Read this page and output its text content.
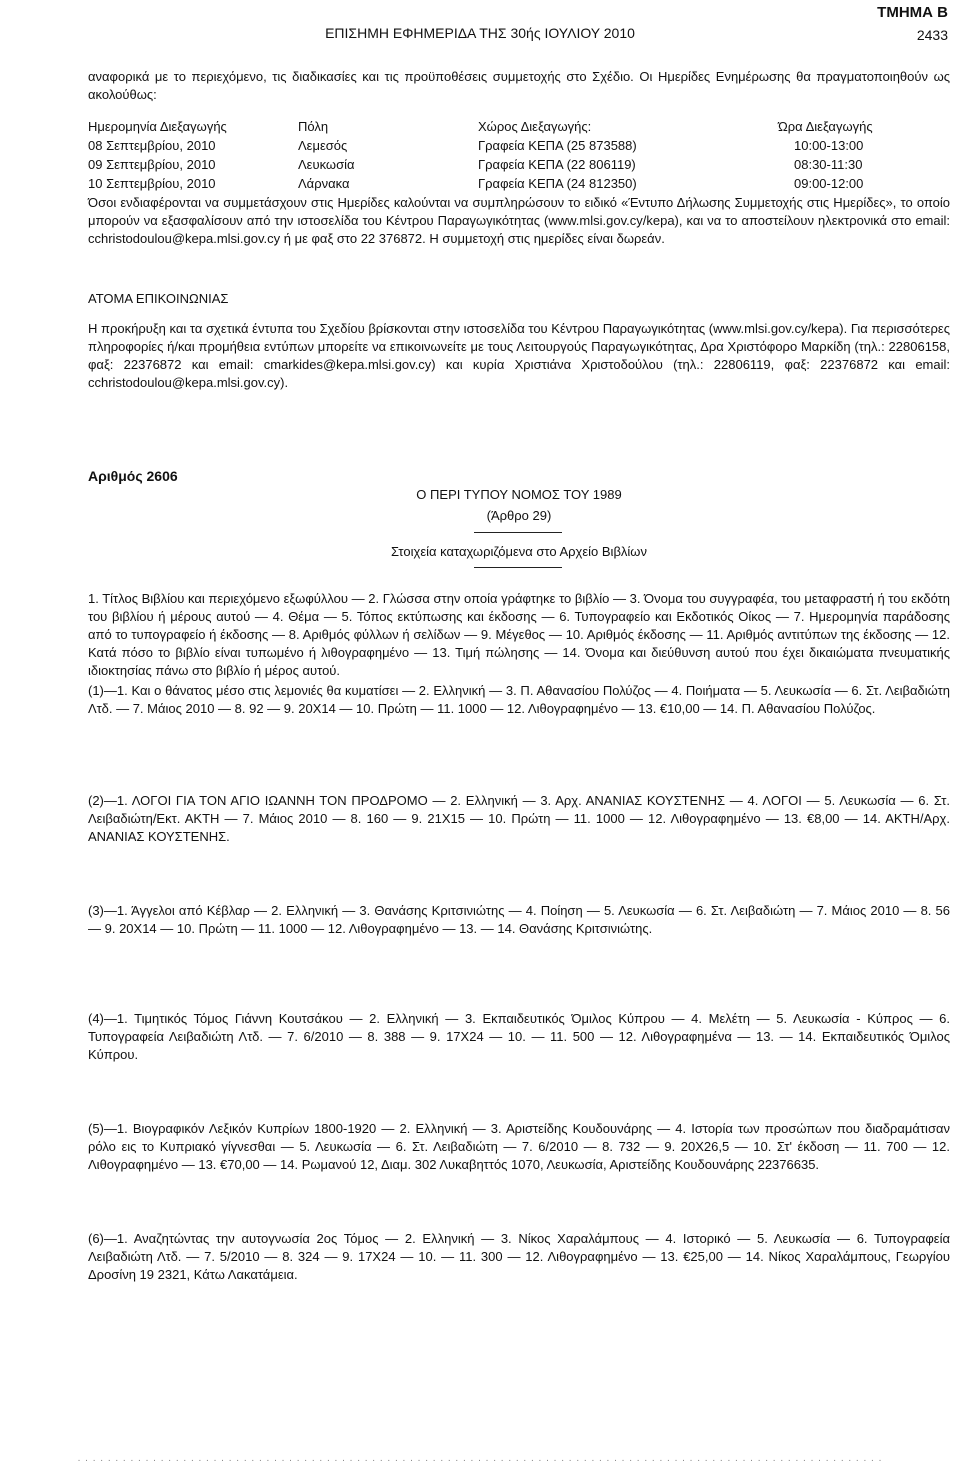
ΤΜΗΜΑ Β
ΕΠΙΣΗΜΗ ΕΦΗΜΕΡΙΔΑ ΤΗΣ 30ής ΙΟΥΛΙΟΥ 2010	2433
αναφορικά με το περιεχόμενο, τις διαδικασίες και τις προϋποθέσεις συμμετοχής στο Σχέδιο. Οι Ημερίδες Ενημέρωσης θα πραγματοποιηθούν ως ακολούθως:
Ημερομηνία Διεξαγωγής	Πόλη	Χώρος Διεξαγωγής:	Ώρα Διεξαγωγής
08 Σεπτεμβρίου, 2010	Λεμεσός	Γραφεία ΚΕΠΑ (25 873588)	10:00-13:00
09 Σεπτεμβρίου, 2010	Λευκωσία	Γραφεία ΚΕΠΑ (22 806119)	08:30-11:30
10 Σεπτεμβρίου, 2010	Λάρνακα	Γραφεία ΚΕΠΑ (24 812350)	09:00-12:00
Όσοι ενδιαφέρονται να συμμετάσχουν στις Ημερίδες καλούνται να συμπληρώσουν το ειδικό «Έντυπο Δήλωσης Συμμετοχής στις Ημερίδες», το οποίο μπορούν να εξασφαλίσουν από την ιστοσελίδα του Κέντρου Παραγωγικότητας (www.mlsi.gov.cy/kepa), και να το αποστείλουν ηλεκτρονικά στο email: cchristodoulou@kepa.mlsi.gov.cy ή με φαξ στο 22 376872. Η συμμετοχή στις ημερίδες είναι δωρεάν.
ΑΤΟΜΑ ΕΠΙΚΟΙΝΩΝΙΑΣ
Η προκήρυξη και τα σχετικά έντυπα του Σχεδίου βρίσκονται στην ιστοσελίδα του Κέντρου Παραγωγικότητας (www.mlsi.gov.cy/kepa). Για περισσότερες πληροφορίες ή/και προμήθεια εντύπων μπορείτε να επικοινωνείτε με τους Λειτουργούς Παραγωγικότητας, Δρα Χριστόφορο Μαρκίδη (τηλ.: 22806158, φαξ: 22376872 και email: cmarkides@kepa.mlsi.gov.cy) και κυρία Χριστιάνα Χριστοδούλου (τηλ.: 22806119, φαξ: 22376872 και email: cchristodoulou@kepa.mlsi.gov.cy).
Αριθμός 2606
Ο ΠΕΡΙ ΤΥΠΟΥ ΝΟΜΟΣ ΤΟΥ 1989
(Άρθρο 29)
Στοιχεία καταχωριζόμενα στο Αρχείο Βιβλίων
1. Τίτλος Βιβλίου και περιεχόμενο εξωφύλλου — 2. Γλώσσα στην οποία γράφτηκε το βιβλίο — 3. Όνομα του συγγραφέα, του μεταφραστή ή του εκδότη του βιβλίου ή μέρους αυτού — 4. Θέμα — 5. Τόπος εκτύπωσης και έκδοσης — 6. Τυπογραφείο και Εκδοτικός Οίκος — 7. Ημερομηνία παράδοσης από το τυπογραφείο ή έκδοσης — 8. Αριθμός φύλλων ή σελίδων — 9. Μέγεθος — 10. Αριθμός έκδοσης — 11. Αριθμός αντιτύπων της έκδοσης — 12. Κατά πόσο το βιβλίο είναι τυπωμένο ή λιθογραφημένο — 13. Τιμή πώλησης — 14. Όνομα και διεύθυνση αυτού που έχει δικαιώματα πνευματικής ιδιοκτησίας πάνω στο βιβλίο ή μέρος αυτού.
(1)—1. Και ο θάνατος μέσο στις λεμονιές θα κυματίσει — 2. Ελληνική — 3. Π. Αθανασίου Πολύζος — 4. Ποιήματα — 5. Λευκωσία — 6. Στ. Λειβαδιώτη Λτδ. — 7. Μάιος 2010 — 8. 92 — 9. 20Χ14 — 10. Πρώτη — 11. 1000 — 12. Λιθογραφημένο — 13. €10,00 — 14. Π. Αθανασίου Πολύζος.
(2)—1. ΛΟΓΟΙ ΓΙΑ ΤΟΝ ΑΓΙΟ ΙΩΑΝΝΗ ΤΟΝ ΠΡΟΔΡΟΜΟ — 2. Ελληνική — 3. Αρχ. ΑΝΑΝΙΑΣ ΚΟΥΣΤΕΝΗΣ — 4. ΛΟΓΟΙ — 5. Λευκωσία — 6. Στ. Λειβαδιώτη/Εκτ. ΑΚΤΗ — 7. Μάιος 2010 — 8. 160 — 9. 21Χ15 — 10. Πρώτη — 11. 1000 — 12. Λιθογραφημένο — 13. €8,00 — 14. ΑΚΤΗ/Αρχ. ΑΝΑΝΙΑΣ ΚΟΥΣΤΕΝΗΣ.
(3)—1. Άγγελοι από Κέβλαρ — 2. Ελληνική — 3. Θανάσης Κριτσινιώτης — 4. Ποίηση — 5. Λευκωσία — 6. Στ. Λειβαδιώτη — 7. Μάιος 2010 — 8. 56 — 9. 20Χ14 — 10. Πρώτη — 11. 1000 — 12. Λιθογραφημένο — 13. — 14. Θανάσης Κριτσινιώτης.
(4)—1. Τιμητικός Τόμος Γιάννη Κουτσάκου — 2. Ελληνική — 3. Εκπαιδευτικός Όμιλος Κύπρου — 4. Μελέτη — 5. Λευκωσία - Κύπρος — 6. Τυπογραφεία Λειβαδιώτη Λτδ. — 7. 6/2010 — 8. 388 — 9. 17Χ24 — 10. — 11. 500 — 12. Λιθογραφημένα — 13. — 14. Εκπαιδευτικός Όμιλος Κύπρου.
(5)—1. Βιογραφικόν Λεξικόν Κυπρίων 1800-1920 — 2. Ελληνική — 3. Αριστείδης Κουδουνάρης — 4. Ιστορία των προσώπων που διαδραμάτισαν ρόλο εις το Κυπριακό γίγνεσθαι — 5. Λευκωσία — 6. Στ. Λειβαδιώτη — 7. 6/2010 — 8. 732 — 9. 20Χ26,5 — 10. Στ' έκδοση — 11. 700 — 12. Λιθογραφημένο — 13. €70,00 — 14. Ρωμανού 12, Διαμ. 302 Λυκαβηττός 1070, Λευκωσία, Αριστείδης Κουδουνάρης 22376635.
(6)—1. Αναζητώντας την αυτογνωσία 2ος Τόμος — 2. Ελληνική — 3. Νίκος Χαραλάμπους — 4. Ιστορικό — 5. Λευκωσία — 6. Τυπογραφεία Λειβαδιώτη Λτδ. — 7. 5/2010 — 8. 324 — 9. 17Χ24 — 10. — 11. 300 — 12. Λιθογραφημένο — 13. €25,00 — 14. Νίκος Χαραλάμπους, Γεωργίου Δροσίνη 19 2321, Κάτω Λακατάμεια.
. . . . . . . . . . . . . . . . . . . . . . . . . . . . . . . . . . . . . . . . . . . . . . . . . . . . . . . . . . . . . . . . . . . . . . . . . . . . . . . . . . . . . . . . . . . . . . . . . . . . . . . . . . .
